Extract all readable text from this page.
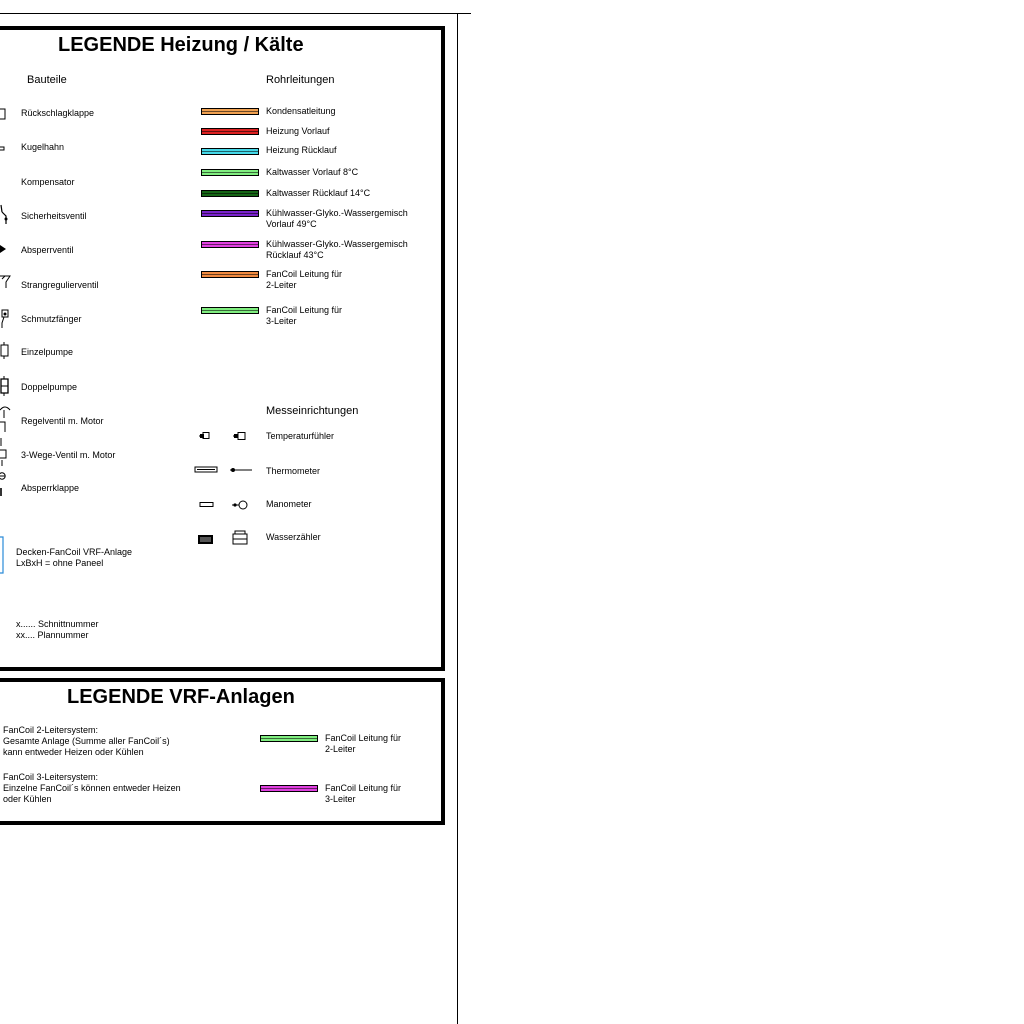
LEGENDE Heizung / Kälte
Bauteile	Rohrleitungen
Rückschlagklappe
Kugelhahn
Kompensator
Sicherheitsventil
Absperrventil
Strangregulierventil
Schmutzfänger
Einzelpumpe
Doppelpumpe
Regelventil m. Motor
3-Wege-Ventil m. Motor
Absperrklappe
Decken-FanCoil VRF-Anlage
LxBxH = ohne Paneel
x...... Schnittnummer
xx.... Plannummer
Kondensatleitung
Heizung Vorlauf
Heizung Rücklauf
Kaltwasser Vorlauf 8°C
Kaltwasser Rücklauf 14°C
Kühlwasser-Glyko.-Wassergemisch
Vorlauf 49°C
Kühlwasser-Glyko.-Wassergemisch
Rücklauf 43°C
FanCoil Leitung für
2-Leiter
FanCoil Leitung für
3-Leiter
Messeinrichtungen
Temperaturfühler
Thermometer
Manometer
Wasserzähler
LEGENDE VRF-Anlagen
FanCoil 2-Leitersystem:
Gesamte Anlage (Summe aller FanCoil´s)
kann entweder Heizen oder Kühlen
FanCoil Leitung für
2-Leiter
FanCoil 3-Leitersystem:
Einzelne FanCoil´s können entweder Heizen
oder Kühlen
FanCoil Leitung für
3-Leiter
